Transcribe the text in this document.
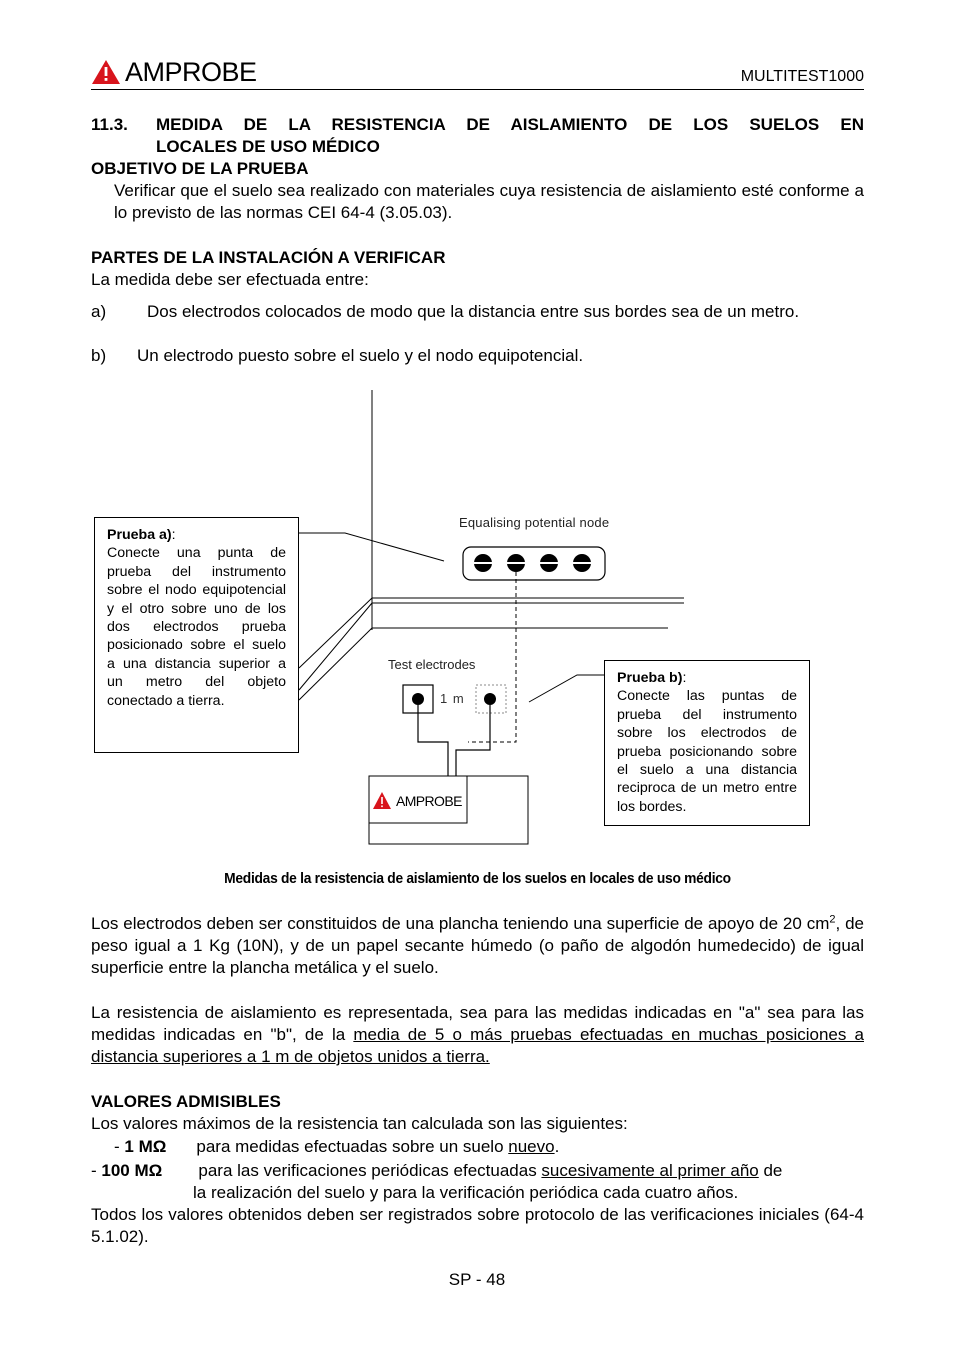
AMPROBE	MULTITEST1000
11.3.	MEDIDA DE LA RESISTENCIA DE AISLAMIENTO DE LOS SUELOS EN
LOCALES DE USO MÉDICO
OBJETIVO DE LA PRUEBA
Verificar que el suelo sea realizado con materiales cuya resistencia de aislamiento esté conforme a lo previsto de las normas CEI 64-4 (3.05.03).
PARTES DE LA INSTALACIÓN A VERIFICAR
La medida debe ser efectuada entre:
a) Dos electrodos colocados de modo que la distancia entre sus bordes sea de un metro.
b) Un electrodo puesto sobre el suelo y el nodo equipotencial.
Equalising potential node
Test electrodes
1 m
AMPROBE
Prueba a):
Conecte una punta de prueba del instrumento sobre el nodo equipotencial y el otro sobre uno de los dos electrodos prueba posicionado sobre el suelo a una distancia superior a un metro del objeto conectado a tierra.
Prueba b):
Conecte las puntas de prueba del instrumento sobre los electrodos de prueba posicionando sobre el suelo a una distancia reciproca de un metro entre los bordes.
Medidas de la resistencia de aislamiento de los suelos en locales de uso médico
Los electrodos deben ser constituidos de una plancha teniendo una superficie de apoyo de 20 $cm^2$, de peso igual a 1 Kg (10N), y de un papel secante húmedo (o paño de algodón humedecido) de igual superficie entre la plancha metálica y el suelo.
La resistencia de aislamiento es representada, sea para las medidas indicadas en "a" sea para las medidas indicadas en "b", de la media de 5 o más pruebas efectuadas en muchas posiciones a distancia superiores a 1 m de objetos unidos a tierra.
VALORES ADMISIBLES
Los valores máximos de la resistencia tan calculada son las siguientes:
- 1 MΩ para medidas efectuadas sobre un suelo nuevo.
- 100 MΩ para las verificaciones periódicas efectuadas sucesivamente al primer año de
la realización del suelo y para la verificación periódica cada cuatro años.
Todos los valores obtenidos deben ser registrados sobre protocolo de las verificaciones iniciales (64-4 5.1.02).
SP - 48
